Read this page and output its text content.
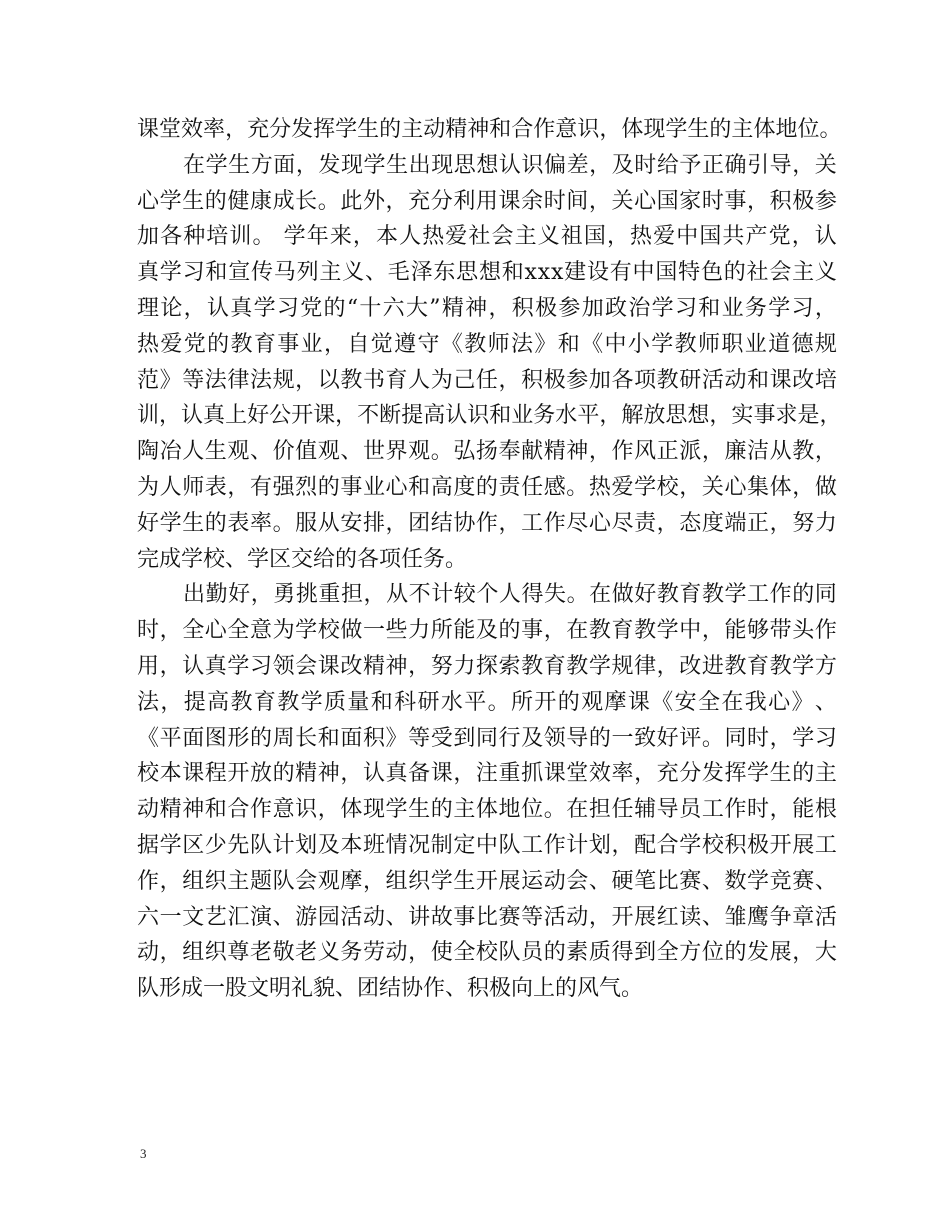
课 堂 效 率 ， 充 分 发 挥 学 生 的 主 动 精 神 和 合 作 意 识 ， 体 现 学 生 的 主 体 地 位 。
在 学 生 方 面 ， 发 现 学 生 出 现 思 想 认 识 偏 差 ， 及 时 给 予 正 确 引 导 ， 关
心 学 生 的 健 康 成 长 。 此 外 ， 充 分 利 用 课 余 时 间 ， 关 心 国 家 时 事 ， 积 极 参
加 各 种 培 训 。
学 年 来 ， 本 人 热 爱 社 会 主 义 祖 国 ， 热 爱 中 国 共 产 党 ， 认
真 学 习 和 宣 传 马 列 主 义 、 毛 泽 东 思 想 和 x x x 建 设 有 中 国 特 色 的 社 会 主 义
理 论 ， 认 真 学 习 党 的 “ 十 六 大 ” 精 神 ， 积 极 参 加 政 治 学 习 和 业 务 学 习 ，
热 爱 党 的 教 育 事 业 ， 自 觉 遵 守 《 教 师 法 》 和 《 中 小 学 教 师 职 业 道 德 规
范 》 等 法 律 法 规 ， 以 教 书 育 人 为 己 任 ， 积 极 参 加 各 项 教 研 活 动 和 课 改 培
训 ， 认 真 上 好 公 开 课 ， 不 断 提 高 认 识 和 业 务 水 平 ， 解 放 思 想 ， 实 事 求 是 ，
陶 冶 人 生 观 、 价 值 观 、 世 界 观 。 弘 扬 奉 献 精 神 ， 作 风 正 派 ， 廉 洁 从 教 ，
为 人 师 表 ， 有 强 烈 的 事 业 心 和 高 度 的 责 任 感 。 热 爱 学 校 ， 关 心 集 体 ， 做
好 学 生 的 表 率 。 服 从 安 排 ， 团 结 协 作 ， 工 作 尽 心 尽 责 ， 态 度 端 正 ， 努 力
完成学校、学区交给的各项任务。
出 勤 好 ， 勇 挑 重 担 ， 从 不 计 较 个 人 得 失 。 在 做 好 教 育 教 学 工 作 的 同
时 ， 全 心 全 意 为 学 校 做 一 些 力 所 能 及 的 事 ， 在 教 育 教 学 中 ， 能 够 带 头 作
用 ， 认 真 学 习 领 会 课 改 精 神 ， 努 力 探 索 教 育 教 学 规 律 ， 改 进 教 育 教 学 方
法 ， 提 高 教 育 教 学 质 量 和 科 研 水 平 。 所 开 的 观 摩 课 《 安 全 在 我 心 》 、
《 平 面 图 形 的 周 长 和 面 积 》 等 受 到 同 行 及 领 导 的 一 致 好 评 。 同 时 ， 学 习
校 本 课 程 开 放 的 精 神 ， 认 真 备 课 ， 注 重 抓 课 堂 效 率 ， 充 分 发 挥 学 生 的 主
动 精 神 和 合 作 意 识 ， 体 现 学 生 的 主 体 地 位 。 在 担 任 辅 导 员 工 作 时 ， 能 根
据 学 区 少 先 队 计 划 及 本 班 情 况 制 定 中 队 工 作 计 划 ， 配 合 学 校 积 极 开 展 工
作 ， 组 织 主 题 队 会 观 摩 ， 组 织 学 生 开 展 运 动 会 、 硬 笔 比 赛 、 数 学 竞 赛 、
六 一 文 艺 汇 演 、 游 园 活 动 、 讲 故 事 比 赛 等 活 动 ， 开 展 红 读 、 雏 鹰 争 章 活
动 ， 组 织 尊 老 敬 老 义 务 劳 动 ， 使 全 校 队 员 的 素 质 得 到 全 方 位 的 发 展 ， 大
队形成一股文明礼貌、团结协作、积极向上的风气。
3
